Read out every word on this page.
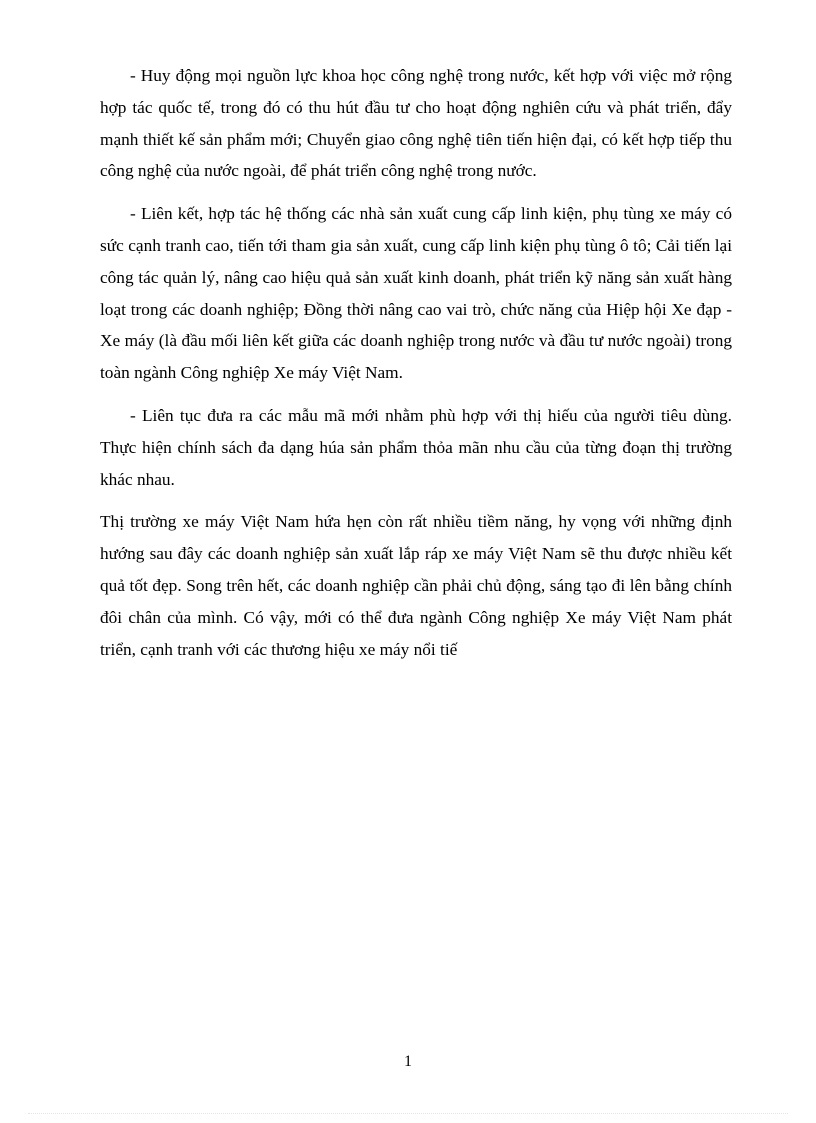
- Huy động mọi nguồn lực khoa học công nghệ trong nước, kết hợp với việc mở rộng hợp tác quốc tế, trong đó có thu hút đầu tư cho hoạt động nghiên cứu và phát triển, đẩy mạnh thiết kế sản phẩm mới; Chuyển giao công nghệ tiên tiến hiện đại, có kết hợp tiếp thu công nghệ của nước ngoài, để phát triển công nghệ trong nước.

- Liên kết, hợp tác hệ thống các nhà sản xuất cung cấp linh kiện, phụ tùng xe máy có sức cạnh tranh cao, tiến tới tham gia sản xuất, cung cấp linh kiện phụ tùng ô tô; Cải tiến lại công tác quản lý, nâng cao hiệu quả sản xuất kinh doanh, phát triển kỹ năng sản xuất hàng loạt trong các doanh nghiệp; Đồng thời nâng cao vai trò, chức năng của Hiệp hội Xe đạp - Xe máy (là đầu mối liên kết giữa các doanh nghiệp trong nước và đầu tư nước ngoài) trong toàn ngành Công nghiệp Xe máy Việt Nam.

- Liên tục đưa ra các mẫu mã mới nhằm phù hợp với thị hiếu của người tiêu dùng. Thực hiện chính sách đa dạng húa sản phẩm thỏa mãn nhu cầu của từng đoạn thị trường khác nhau.

Thị trường xe máy Việt Nam hứa hẹn còn rất nhiều tiềm năng, hy vọng với những định hướng sau đây các doanh nghiệp sản xuất lắp ráp xe máy Việt Nam sẽ thu được nhiều kết quả tốt đẹp. Song trên hết, các doanh nghiệp cần phải chủ động, sáng tạo đi lên bằng chính đôi chân của mình. Có vậy, mới có thể đưa ngành Công nghiệp Xe máy Việt Nam phát triển, cạnh tranh với các thương hiệu xe máy nổi tiế

1
